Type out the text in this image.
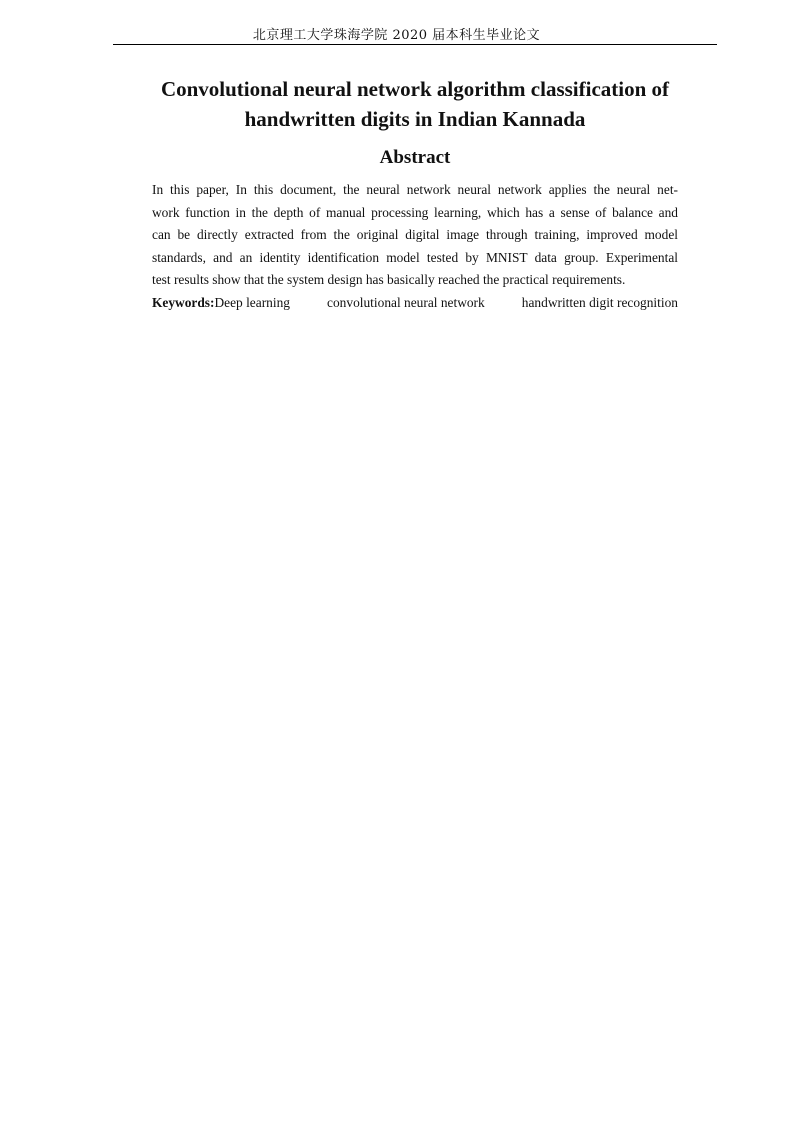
北京理工大学珠海学院 2020 届本科生毕业论文
Convolutional neural network algorithm classification of
handwritten digits in Indian Kannada
Abstract
In this paper, In this document, the neural network neural network applies the neural net-
work function in the depth of manual processing learning, which has a sense of balance and
can be directly extracted from the original digital image through training, improved model
standards, and an identity identification model tested by MNIST data group. Experimental
test results show that the system design has basically reached the practical requirements.
Keywords:Deep learning	convolutional neural network	handwritten digit recognition
